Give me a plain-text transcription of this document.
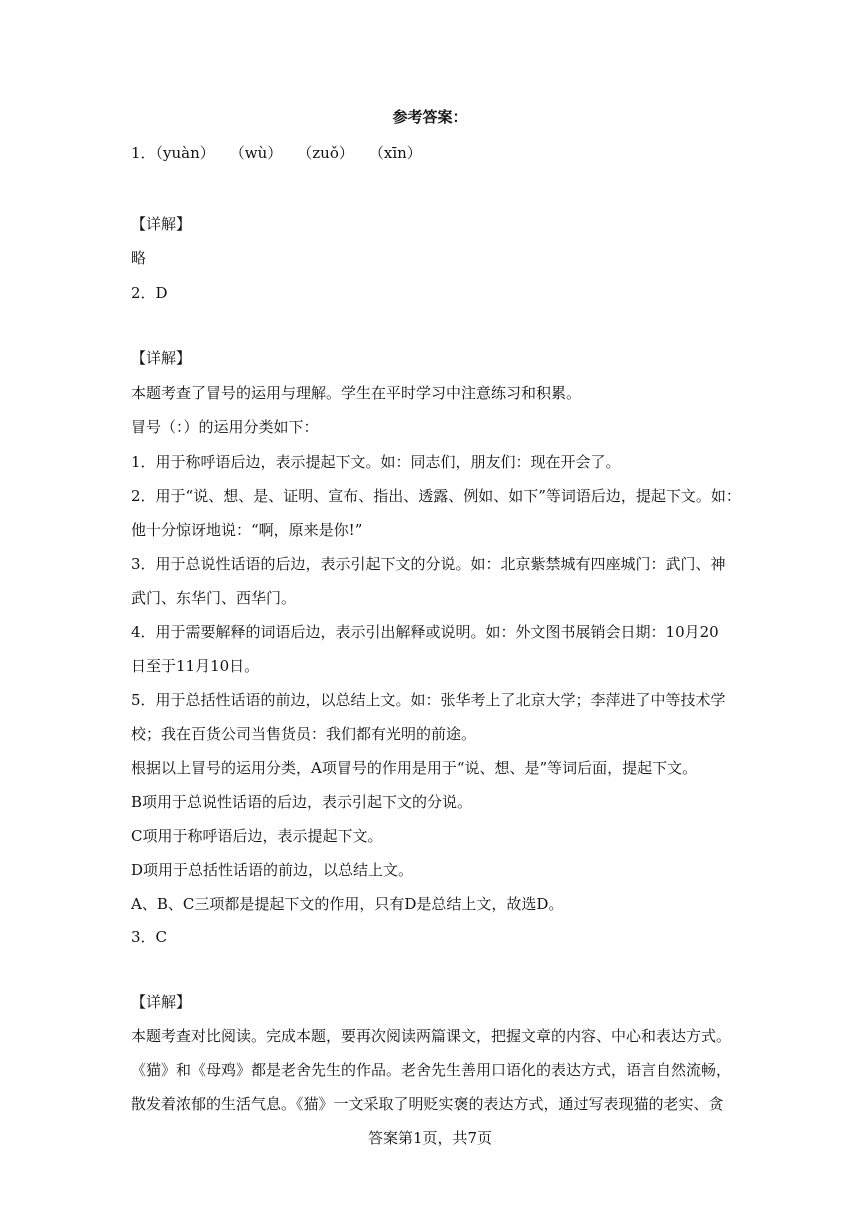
参考答案：
1．（yuàn）　　（wù）　　（zuǒ）　　（xīn）
【详解】
略
2．D
【详解】
本题考查了冒号的运用与理解。学生在平时学习中注意练习和积累。
冒号（：）的运用分类如下：
1．用于称呼语后边，表示提起下文。如：同志们，朋友们：现在开会了。
2．用于“说、想、是、证明、宣布、指出、透露、例如、如下”等词语后边，提起下文。如：
他十分惊讶地说：“啊，原来是你!”
3．用于总说性话语的后边，表示引起下文的分说。如：北京紫禁城有四座城门：武门、神
武门、东华门、西华门。
4．用于需要解释的词语后边，表示引出解释或说明。如：外文图书展销会日期：10月20
日至于11月10日。
5．用于总括性话语的前边，以总结上文。如：张华考上了北京大学；李萍进了中等技术学
校；我在百货公司当售货员：我们都有光明的前途。
根据以上冒号的运用分类，A项冒号的作用是用于“说、想、是”等词后面，提起下文。
B项用于总说性话语的后边，表示引起下文的分说。
C项用于称呼语后边，表示提起下文。
D项用于总括性话语的前边，以总结上文。
A、B、C三项都是提起下文的作用，只有D是总结上文，故选D。
3．C
【详解】
本题考查对比阅读。完成本题，要再次阅读两篇课文，把握文章的内容、中心和表达方式。
《猫》和《母鸡》都是老舍先生的作品。老舍先生善用口语化的表达方式，语言自然流畅，
散发着浓郁的生活气息。《猫》一文采取了明贬实褒的表达方式，通过写表现猫的老实、贪
答案第1页，共7页
